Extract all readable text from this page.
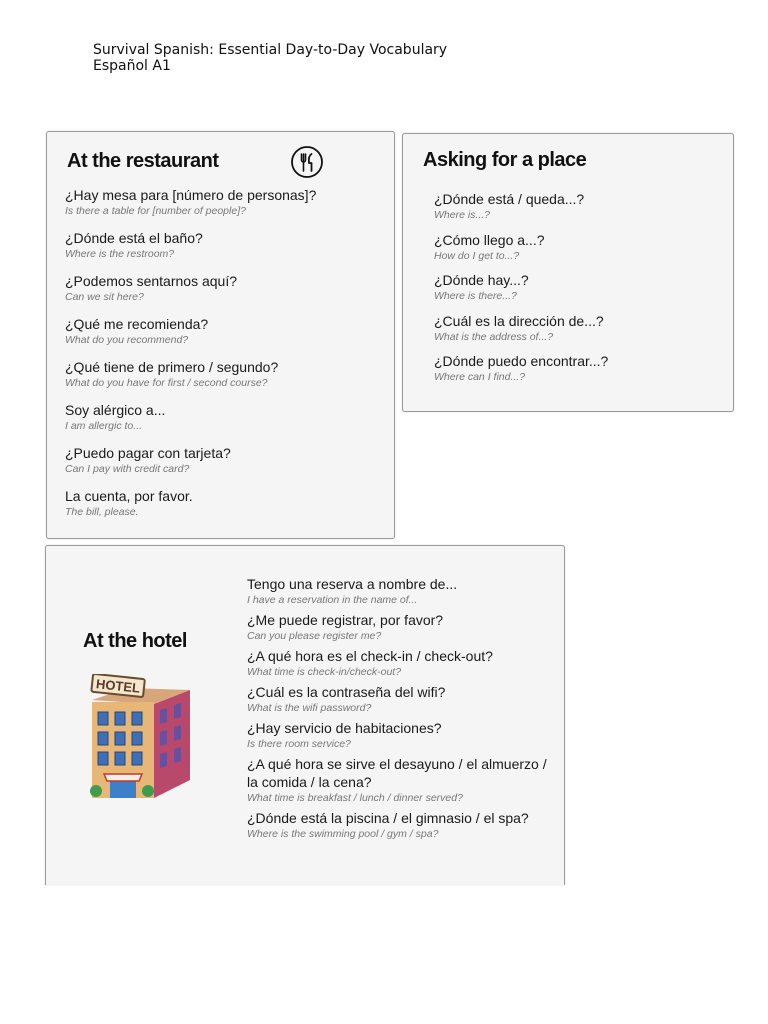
Survival Spanish: Essential Day-to-Day Vocabulary
Español A1
At the restaurant
¿Hay mesa para [número de personas]?
Is there a table for [number of people]?
¿Dónde está el baño?
Where is the restroom?
¿Podemos sentarnos aquí?
Can we sit here?
¿Qué me recomienda?
What do you recommend?
¿Qué tiene de primero / segundo?
What do you have for first / second course?
Soy alérgico a...
I am allergic to...
¿Puedo pagar con tarjeta?
Can I pay with credit card?
La cuenta, por favor.
The bill, please.
Asking for a place
¿Dónde está / queda...?
Where is...?
¿Cómo llego a...?
How do I get to...?
¿Dónde hay...?
Where is there...?
¿Cuál es la dirección de...?
What is the address of...?
¿Dónde puedo encontrar...?
Where can I find...?
At the hotel
HOTEL
Tengo una reserva a nombre de...
I have a reservation in the name of...
¿Me puede registrar, por favor?
Can you please register me?
¿A qué hora es el check-in / check-out?
What time is check-in/check-out?
¿Cuál es la contraseña del wifi?
What is the wifi password?
¿Hay servicio de habitaciones?
Is there room service?
¿A qué hora se sirve el desayuno / el almuerzo / la comida / la cena?
What time is breakfast / lunch / dinner served?
¿Dónde está la piscina / el gimnasio / el spa?
Where is the swimming pool / gym / spa?
